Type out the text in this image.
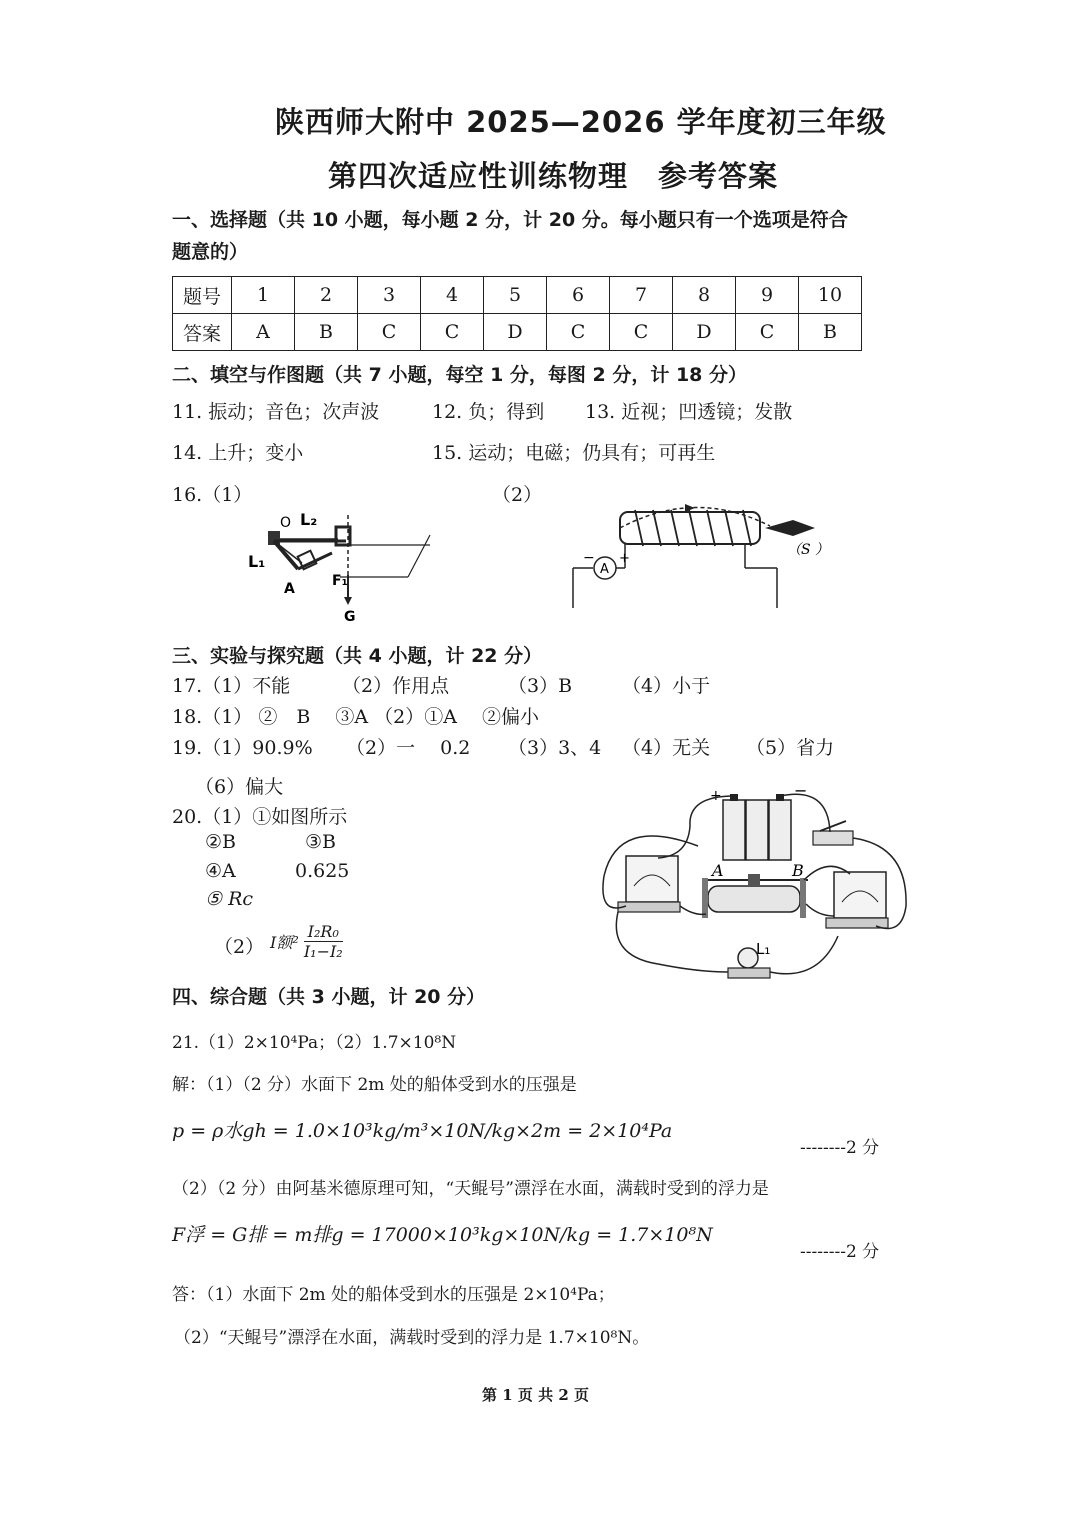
陕西师大附中 2025—2026 学年度初三年级
第四次适应性训练物理　参考答案
一、选择题（共 10 小题，每小题 2 分，计 20 分。每小题只有一个选项是符合
题意的）
题号	1	2	3	4	5	6	7	8	9	10
答案	A	B	C	C	D	C	C	D	C	B
二、填空与作图题（共 7 小题，每空 1 分，每图 2 分，计 18 分）
11. 振动；音色；次声波	12. 负；得到 13. 近视；凹透镜；发散
14. 上升；变小	15. 运动；电磁；仍具有；可再生
16.（1）	（2）
O L₂
L₁
A	F₁
G
A
− +
（S ）
三、实验与探究题（共 4 小题，计 22 分）
17.（1）不能	（2）作用点	（3）B	（4）小于
18.（1） ②　B　 ③A （2）①A　 ②偏小
19.（1）90.9% （2）一　 0.2 （3）3、4 （4）无关 （5）省力
（6）偏大
20.（1）①如图所示
②B	③B
④A	0.625
⑤ Rc
（2） I额$^2 \frac{\text{I₂R₀}}{\text{I₁−I₂}}$
+	−
A	B
L₁
四、综合题（共 3 小题，计 20 分）
21.（1）2×10⁴Pa；（2）1.7×10⁸N
解：（1）（2 分）水面下 2m 处的船体受到水的压强是
p = ρ水gh = 1.0×10³kg/m³×10N/kg×2m = 2×10⁴Pa
--------2 分
（2）（2 分）由阿基米德原理可知，“天鲲号”漂浮在水面，满载时受到的浮力是
F浮 = G排 = m排g = 17000×10³kg×10N/kg = 1.7×10⁸N
--------2 分
答：（1）水面下 2m 处的船体受到水的压强是 2×10⁴Pa；
（2）“天鲲号”漂浮在水面，满载时受到的浮力是 1.7×10⁸N。
第 1 页 共 2 页
